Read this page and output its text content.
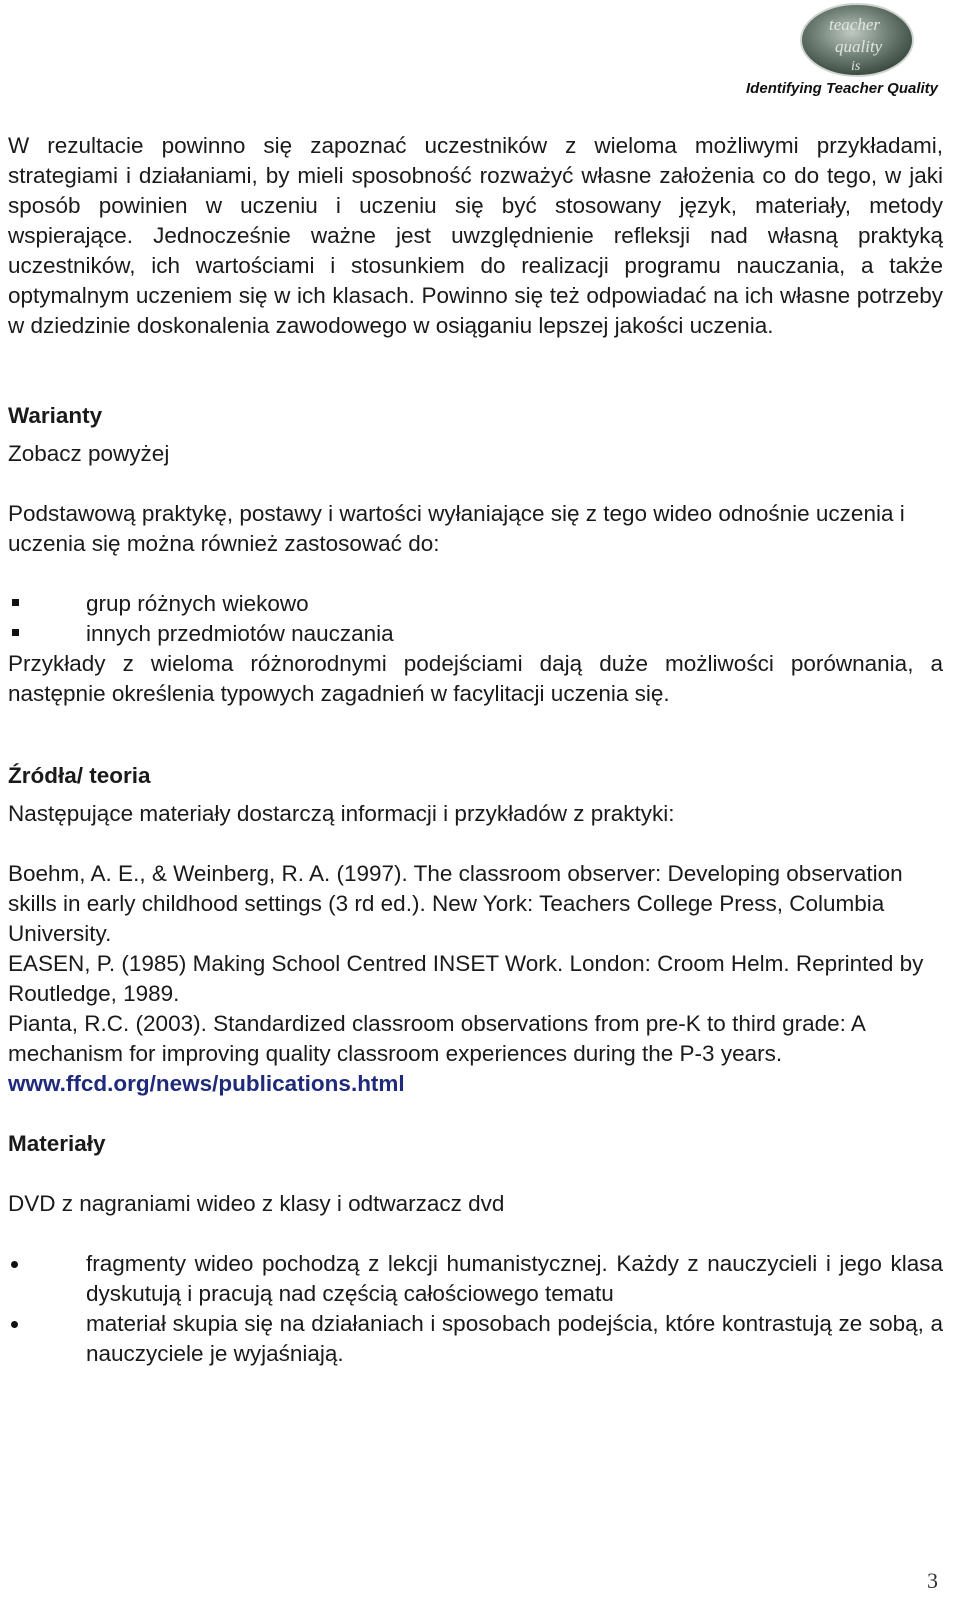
teacher
quality
is
Identifying Teacher Quality

W rezultacie powinno się zapoznać uczestników z wieloma możliwymi przykładami, strategiami i działaniami, by mieli sposobność rozważyć własne założenia co do tego, w jaki sposób powinien w uczeniu i uczeniu się być stosowany język, materiały, metody wspierające. Jednocześnie ważne jest uwzględnienie refleksji nad własną praktyką uczestników, ich wartościami i stosunkiem do realizacji programu nauczania, a także optymalnym uczeniem się w ich klasach. Powinno się też odpowiadać na ich własne potrzeby w dziedzinie doskonalenia zawodowego w osiąganiu lepszej jakości uczenia.

Warianty

Zobacz powyżej

Podstawową praktykę, postawy i wartości wyłaniające się z tego wideo odnośnie uczenia i uczenia się można również zastosować do:

grup różnych wiekowo
innych przedmiotów nauczania

Przykłady z wieloma różnorodnymi podejściami dają duże możliwości porównania, a następnie określenia typowych zagadnień w facylitacji uczenia się.

Źródła/ teoria

Następujące materiały dostarczą informacji i przykładów z praktyki:

Boehm, A. E., & Weinberg, R. A. (1997). The classroom observer: Developing observation skills in early childhood settings (3 rd ed.). New York: Teachers College Press, Columbia University.

EASEN, P. (1985) Making School Centred INSET Work. London: Croom Helm. Reprinted by Routledge, 1989.

Pianta, R.C. (2003). Standardized classroom observations from pre-K to third grade: A mechanism for improving quality classroom experiences during the P-3 years.

www.ffcd.org/news/publications.html

Materiały

DVD z nagraniami wideo z klasy i odtwarzacz dvd

fragmenty wideo pochodzą z lekcji humanistycznej. Każdy z nauczycieli i jego klasa dyskutują i pracują nad częścią całościowego tematu
materiał skupia się na działaniach i sposobach podejścia, które kontrastują ze sobą, a nauczyciele je wyjaśniają.
3
